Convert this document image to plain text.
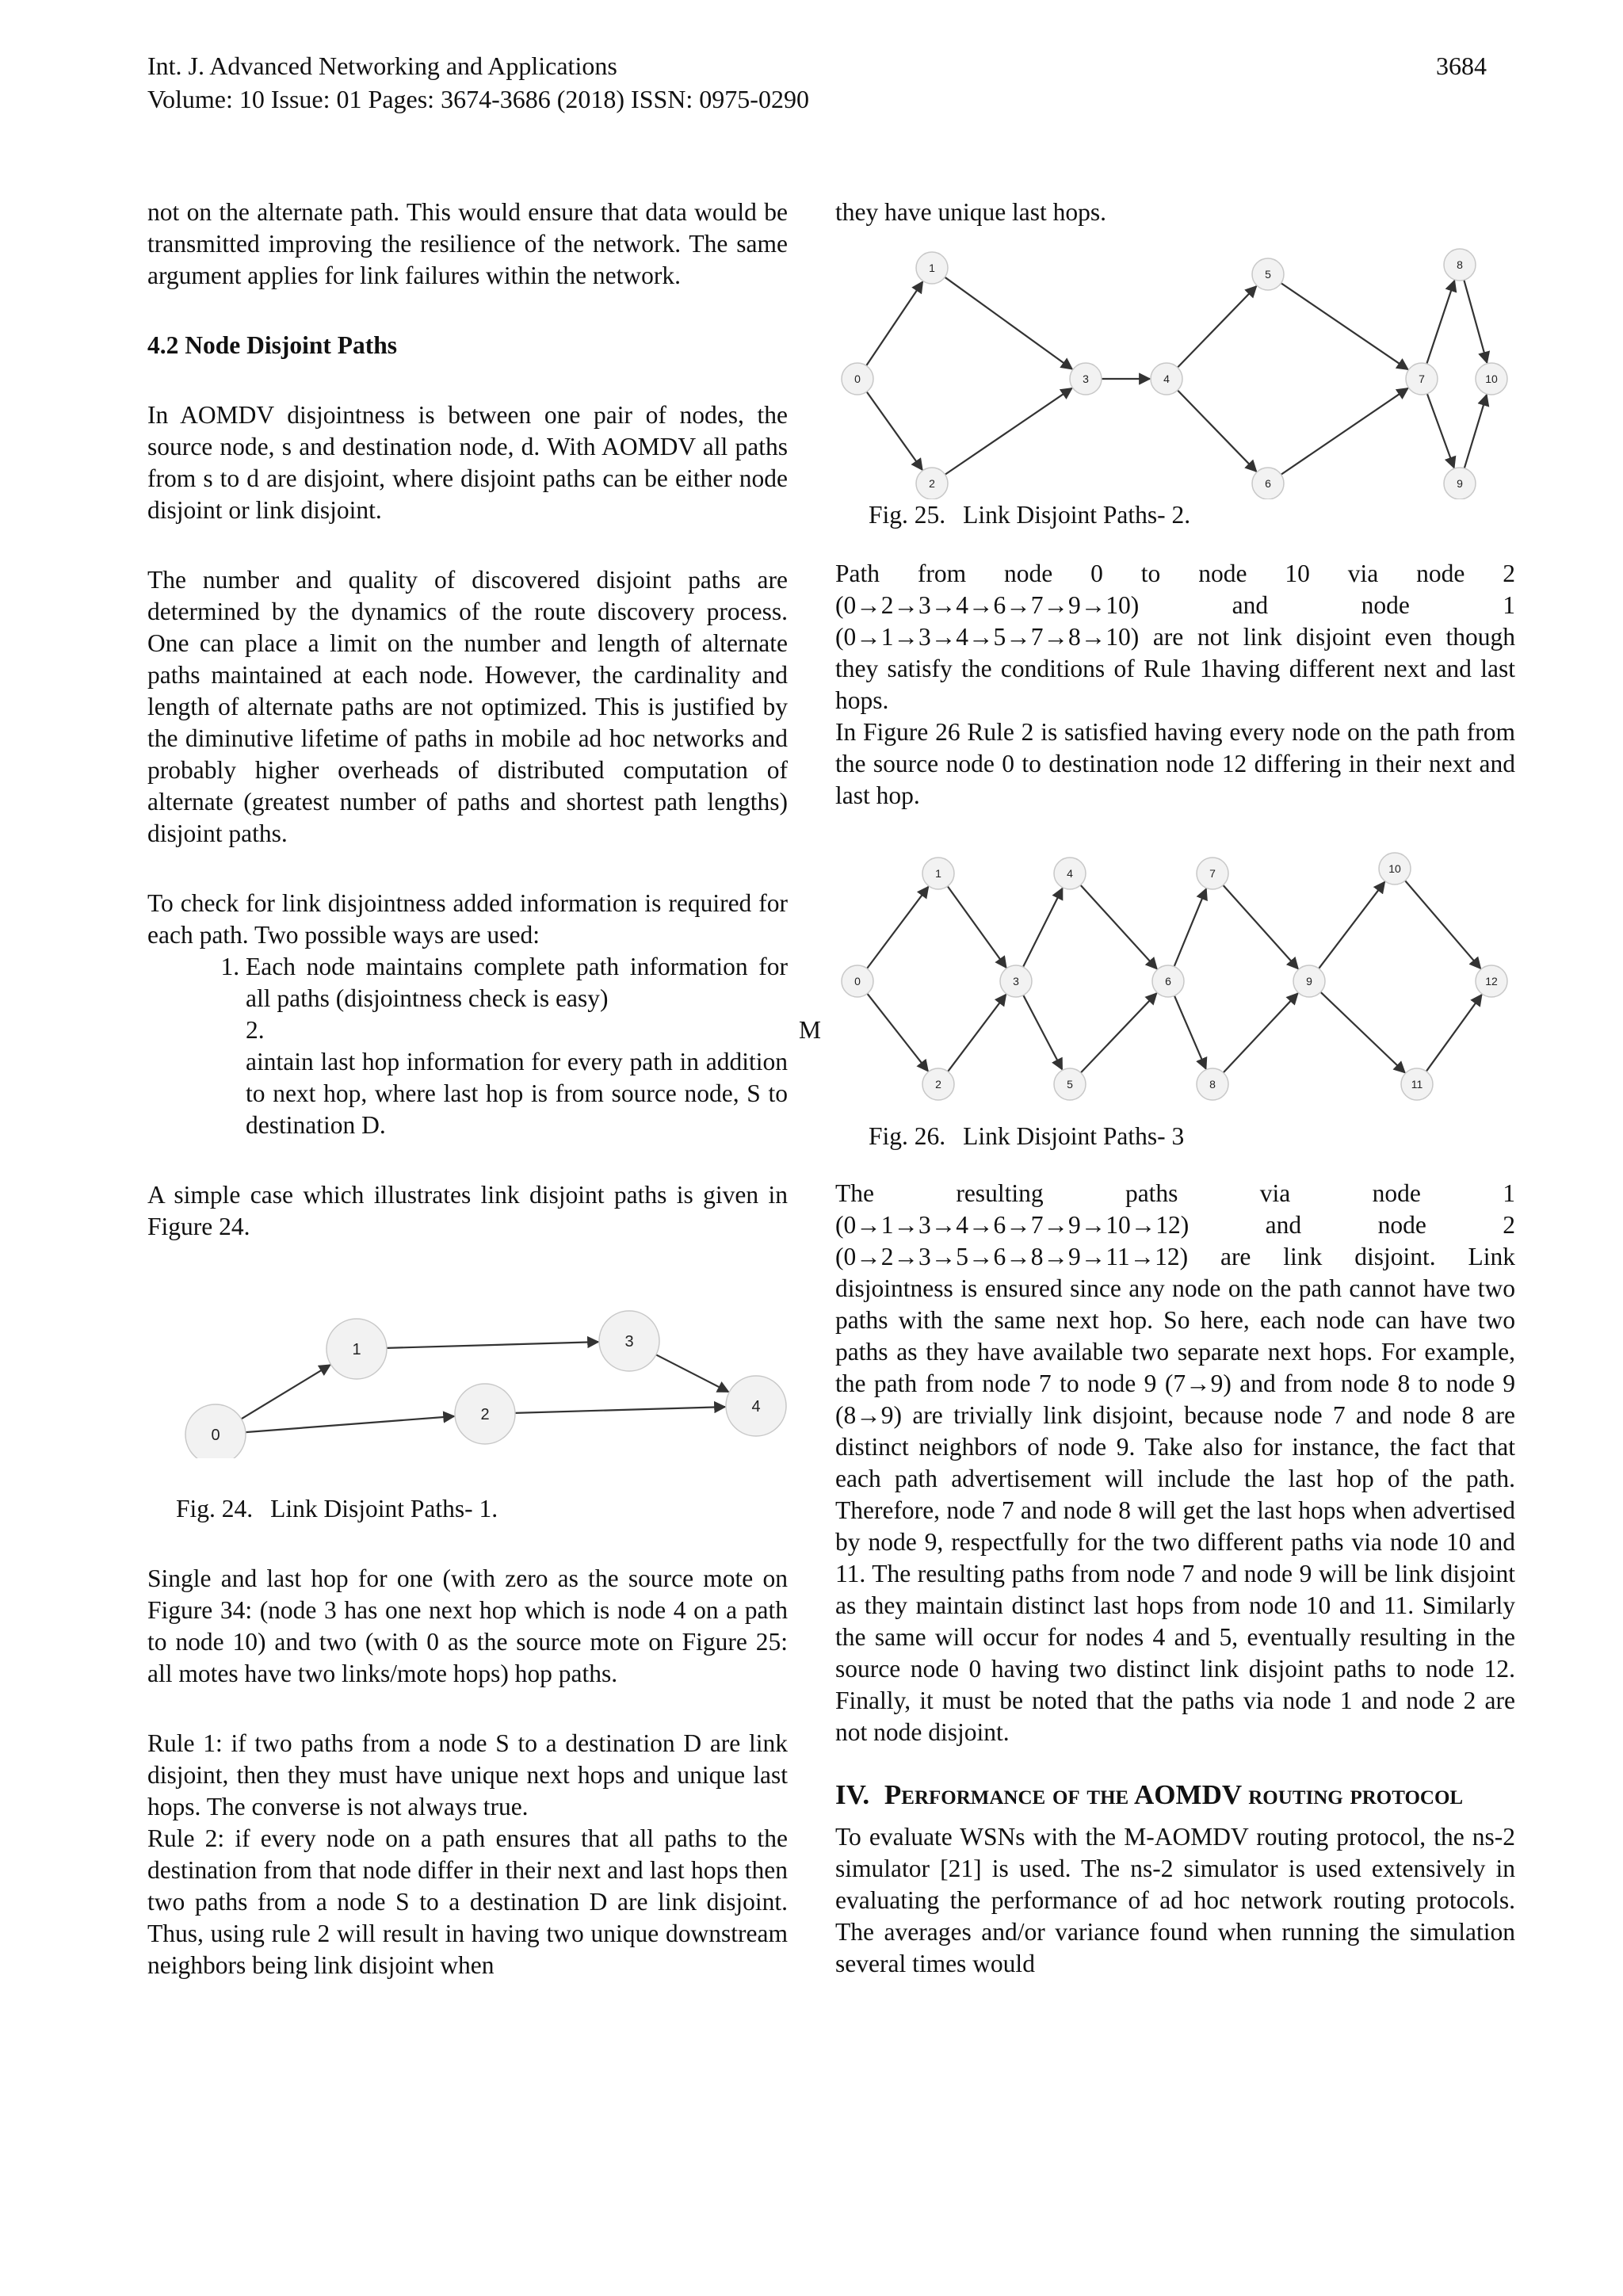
Int. J. Advanced Networking and Applications
Volume: 10 Issue: 01 Pages: 3674-3686 (2018) ISSN: 0975-0290
3684

not on the alternate path. This would ensure that data would be transmitted improving the resilience of the network. The same argument applies for link failures within the network.

4.2 Node Disjoint Paths

In AOMDV disjointness is between one pair of nodes, the source node, s and destination node, d. With AOMDV all paths from s to d are disjoint, where disjoint paths can be either node disjoint or link disjoint.

The number and quality of discovered disjoint paths are determined by the dynamics of the route discovery process. One can place a limit on the number and length of alternate paths maintained at each node. However, the cardinality and length of alternate paths are not optimized. This is justified by the diminutive lifetime of paths in mobile ad hoc networks and probably higher overheads of distributed computation of alternate (greatest number of paths and shortest path lengths) disjoint paths.

To check for link disjointness added information is required for each path. Two possible ways are used:

1. Each node maintains complete path information for all paths (disjointness check is easy)
2.	M

aintain last hop information for every path in addition to next hop, where last hop is from source node, S to destination D.

A simple case which illustrates link disjoint paths is given in Figure 24.

0
1
2
3
4

Fig. 24. Link Disjoint Paths- 1.

Single and last hop for one (with zero as the source mote on Figure 34: (node 3 has one next hop which is node 4 on a path to node 10) and two (with 0 as the source mote on Figure 25: all motes have two links/mote hops) hop paths.

Rule 1: if two paths from a node S to a destination D are link disjoint, then they must have unique next hops and unique last hops. The converse is not always true.

Rule 2: if every node on a path ensures that all paths to the destination from that node differ in their next and last hops then two paths from a node S to a destination D are link disjoint. Thus, using rule 2 will result in having two unique downstream neighbors being link disjoint when

they have unique last hops.

0
1
2
3	4
5
6
7
8
9
10

Fig. 25. Link Disjoint Paths- 2.

Path from node 0 to node 10 via node 2

(0→2→3→4→6→7→9→10)	and	node	1

(0→1→3→4→5→7→8→10) are not link disjoint even though they satisfy the conditions of Rule 1having different next and last hops.

In Figure 26 Rule 2 is satisfied having every node on the path from the source node 0 to destination node 12 differing in their next and last hop.

0
1
2
3
4
5
6
7
8
9
10
11
12

Fig. 26. Link Disjoint Paths- 3

The resulting paths via node 1

(0→1→3→4→6→7→9→10→12)	and	node	2

(0→2→3→5→6→8→9→11→12) are link disjoint. Link disjointness is ensured since any node on the path cannot have two paths with the same next hop. So here, each node can have two paths as they have available two separate next hops. For example, the path from node 7 to node 9 (7→9) and from node 8 to node 9 (8→9) are trivially link disjoint, because node 7 and node 8 are distinct neighbors of node 9. Take also for instance, the fact that each path advertisement will include the last hop of the path. Therefore, node 7 and node 8 will get the last hops when advertised by node 9, respectfully for the two different paths via node 10 and 11. The resulting paths from node 7 and node 9 will be link disjoint as they maintain distinct last hops from node 10 and 11. Similarly the same will occur for nodes 4 and 5, eventually resulting in the source node 0 having two distinct link disjoint paths to node 12. Finally, it must be noted that the paths via node 1 and node 2 are not node disjoint.

IV. Performance of the AOMDV routing protocol

To evaluate WSNs with the M-AOMDV routing protocol, the ns-2 simulator [21] is used. The ns-2 simulator is used extensively in evaluating the performance of ad hoc network routing protocols. The averages and/or variance found when running the simulation several times would
